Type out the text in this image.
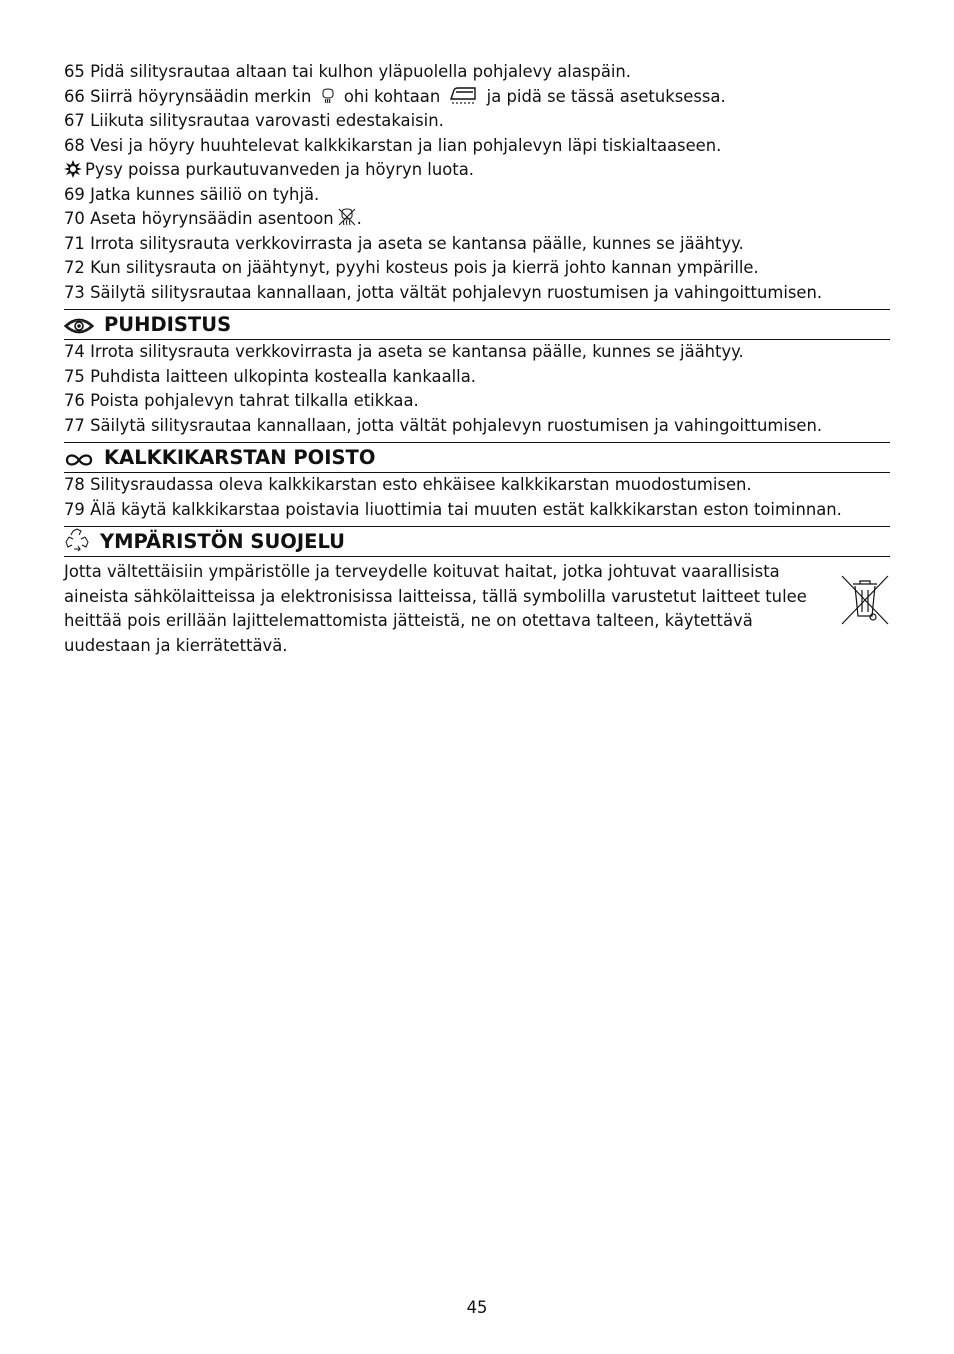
65 Pidä silitysrautaa altaan tai kulhon yläpuolella pohjalevy alaspäin.
66 Siirrä höyrynsäädin merkin ohi kohtaan	ja pidä se tässä asetuksessa.
67 Liikuta silitysrautaa varovasti edestakaisin.
68 Vesi ja höyry huuhtelevat kalkkikarstan ja lian pohjalevyn läpi tiskialtaaseen.
Pysy poissa purkautuvanveden ja höyryn luota.
69 Jatka kunnes säiliö on tyhjä.
70 Aseta höyrynsäädin asentoon .
71 Irrota silitysrauta verkkovirrasta ja aseta se kantansa päälle, kunnes se jäähtyy.
72 Kun silitysrauta on jäähtynyt, pyyhi kosteus pois ja kierrä johto kannan ympärille.
73 Säilytä silitysrautaa kannallaan, jotta vältät pohjalevyn ruostumisen ja vahingoittumisen.
PUHDISTUS
74 Irrota silitysrauta verkkovirrasta ja aseta se kantansa päälle, kunnes se jäähtyy.
75 Puhdista laitteen ulkopinta kostealla kankaalla.
76 Poista pohjalevyn tahrat tilkalla etikkaa.
77 Säilytä silitysrautaa kannallaan, jotta vältät pohjalevyn ruostumisen ja vahingoittumisen.
KALKKIKARSTAN POISTO
78 Silitysraudassa oleva kalkkikarstan esto ehkäisee kalkkikarstan muodostumisen.
79 Älä käytä kalkkikarstaa poistavia liuottimia tai muuten estät kalkkikarstan eston toiminnan.
YMPÄRISTÖN SUOJELU
Jotta vältettäisiin ympäristölle ja terveydelle koituvat haitat, jotka johtuvat vaarallisista
aineista sähkölaitteissa ja elektronisissa laitteissa, tällä symbolilla varustetut laitteet tulee
heittää pois erillään lajittelemattomista jätteistä, ne on otettava talteen, käytettävä
uudestaan ja kierrätettävä.
45
